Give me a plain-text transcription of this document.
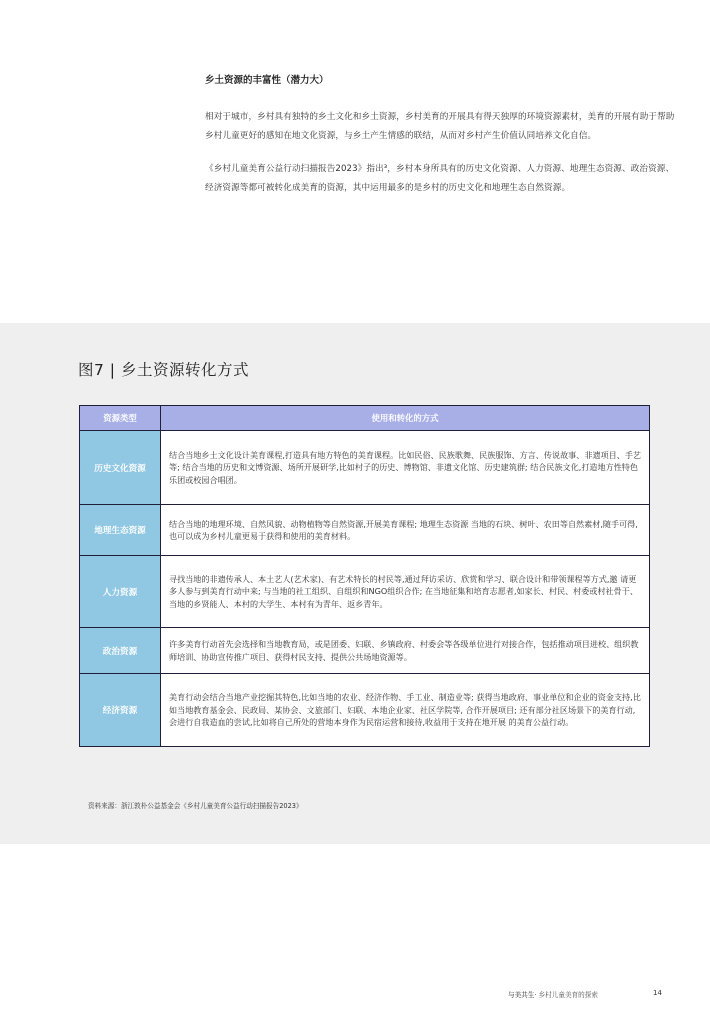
乡土资源的丰富性（潜力大）

相对于城市，乡村具有独特的乡土文化和乡土资源，乡村美育的开展具有得天独厚的环境资源素材，美育的开展有助于帮助乡村儿童更好的感知在地文化资源，与乡土产生情感的联结，从而对乡村产生价值认同培养文化自信。

《乡村儿童美育公益行动扫描报告2023》指出³，乡村本身所具有的历史文化资源、人力资源、地理生态资源、政治资源、经济资源等都可被转化成美育的资源，其中运用最多的是乡村的历史文化和地理生态自然资源。

图7 | 乡土资源转化方式
资源类型	使用和转化的方式
历史文化资源	结合当地乡土文化设计美育课程,打造具有地方特色的美育课程。比如民俗、民族歌舞、民族服饰、方言、传说故事、非遗项目、手艺等; 结合当地的历史和文博资源、场所开展研学,比如村子的历史、博物馆、非遗文化馆、历史建筑群; 结合民族文化,打造地方性特色乐团或校园合唱团。
地理生态资源	结合当地的地理环境、自然风貌、动物植物等自然资源,开展美育课程; 地理生态资源 当地的石块、树叶、农田等自然素材,随手可得,也可以成为乡村儿童更易于获得和使用的美育材料。
人力资源	寻找当地的非遗传承人、本土艺人(艺术家)、有艺术特长的村民等,通过拜访采访、欣赏和学习、联合设计和带领课程等方式,邀 请更多人参与到美育行动中来; 与当地的社工组织、自组织和NGO组织合作; 在当地征集和培育志愿者,如家长、村民、村委或村社骨干、当地的乡贤能人、本村的大学生、本村有为青年、返乡青年。
政治资源	许多美育行动首先会选择和当地教育局，或是团委、妇联、乡镇政府、村委会等各级单位进行对接合作，包括推动项目进校、组织教师培训、协助宣传推广项目、获得村民支持、提供公共场地资源等。
经济资源	美育行动会结合当地产业挖掘其特色,比如当地的农业、经济作物、手工业、制造业等; 获得当地政府、事业单位和企业的资金支持,比如当地教育基金会、民政局、某协会、文旅部门、妇联、本地企业家、社区学院等, 合作开展项目; 还有部分社区场景下的美育行动,会进行自我造血的尝试,比如将自己所处的营地本身作为民宿运营和接待,收益用于支持在地开展 的美育公益行动。
资料来源：浙江敦朴公益基金会《乡村儿童美育公益行动扫描报告2023》
与美共生· 乡村儿童美育的探索	14
